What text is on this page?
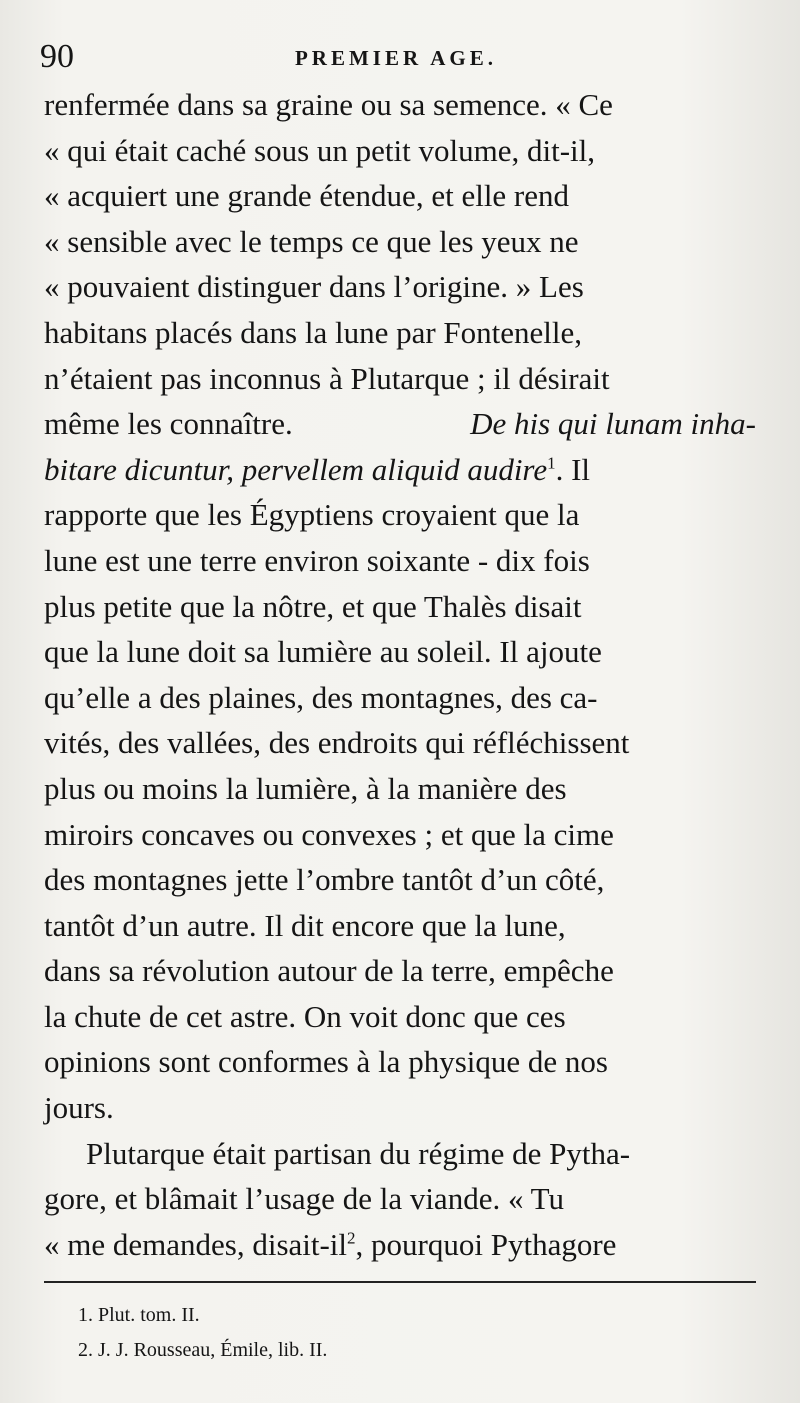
90	PREMIER AGE.
renfermée dans sa graine ou sa semence. « Ce
« qui était caché sous un petit volume, dit-il,
« acquiert une grande étendue, et elle rend
« sensible avec le temps ce que les yeux ne
« pouvaient distinguer dans l’origine. » Les
habitans placés dans la lune par Fontenelle,
n’étaient pas inconnus à Plutarque ; il désirait
même les connaître.
	De his qui lunam inha-
bitare dicuntur, pervellem aliquid audire$^1$. Il
rapporte que les Égyptiens croyaient que la
lune est une terre environ soixante - dix fois
plus petite que la nôtre, et que Thalès disait
que la lune doit sa lumière au soleil. Il ajoute
qu’elle a des plaines, des montagnes, des ca-
vités, des vallées, des endroits qui réfléchissent
plus ou moins la lumière, à la manière des
miroirs concaves ou convexes ; et que la cime
des montagnes jette l’ombre tantôt d’un côté,
tantôt d’un autre. Il dit encore que la lune,
dans sa révolution autour de la terre, empêche
la chute de cet astre. On voit donc que ces
opinions sont conformes à la physique de nos
jours.
Plutarque était partisan du régime de Pytha-
gore, et blâmait l’usage de la viande. « Tu
« me demandes, disait-$il^2$, pourquoi Pythagore
1. Plut. tom. II.
2. J. J. Rousseau, Émile, lib. II.
